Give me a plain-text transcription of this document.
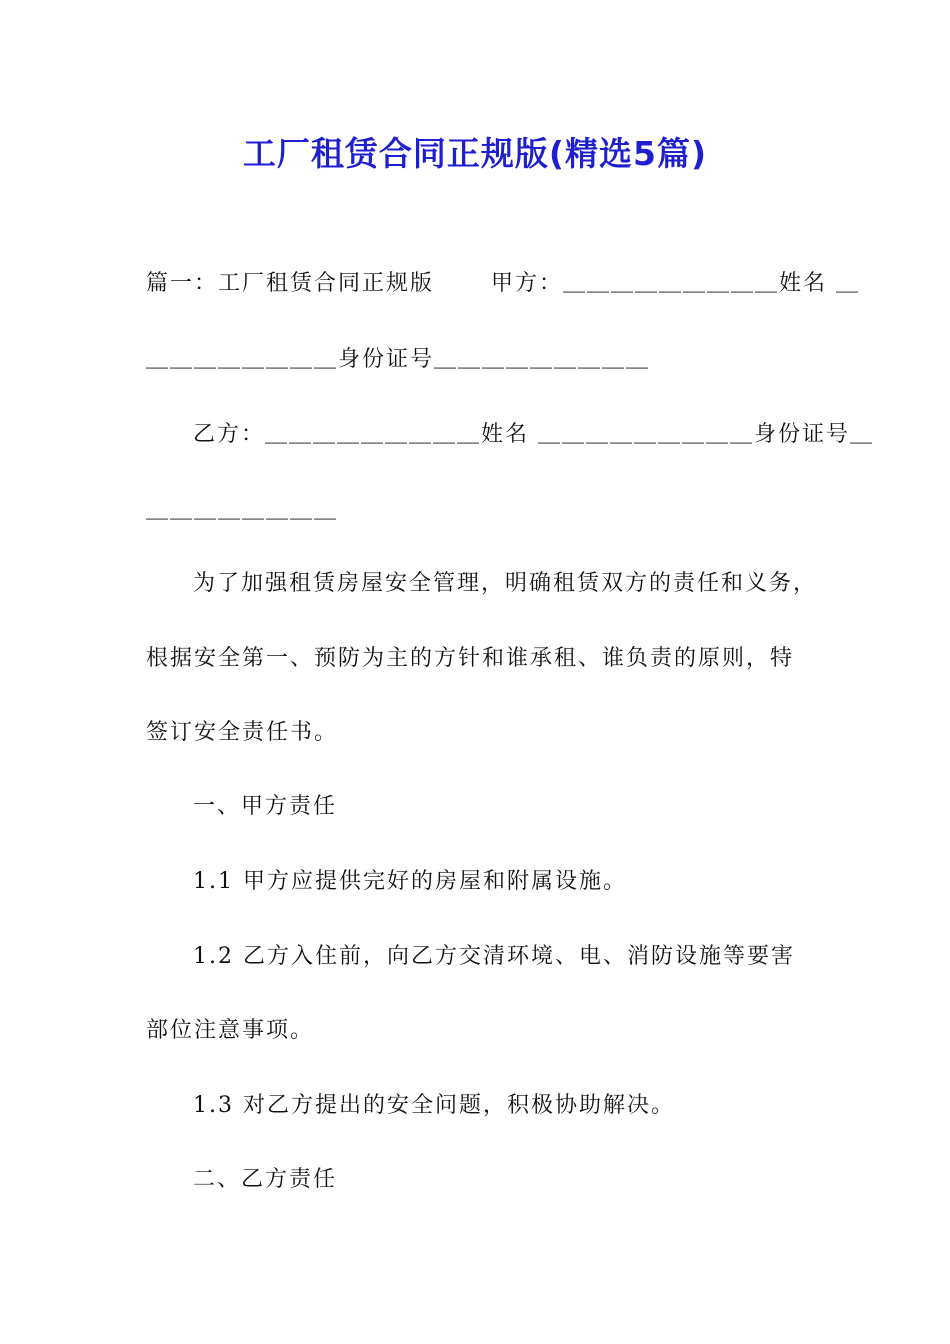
工厂租赁合同正规版(精选5篇)
篇一：工厂租赁合同正规版　　 甲方：＿＿＿＿＿＿＿＿＿姓名 ＿
＿＿＿＿＿＿＿＿身份证号＿＿＿＿＿＿＿＿＿
乙方：＿＿＿＿＿＿＿＿＿姓名 ＿＿＿＿＿＿＿＿＿身份证号＿
＿＿＿＿＿＿＿＿
为了加强租赁房屋安全管理，明确租赁双方的责任和义务，
根据安全第一、预防为主的方针和谁承租、谁负责的原则，特
签订安全责任书。
一、甲方责任
1.1 甲方应提供完好的房屋和附属设施。
1.2 乙方入住前，向乙方交清环境、电、消防设施等要害
部位注意事项。
1.3 对乙方提出的安全问题，积极协助解决。
二、乙方责任
